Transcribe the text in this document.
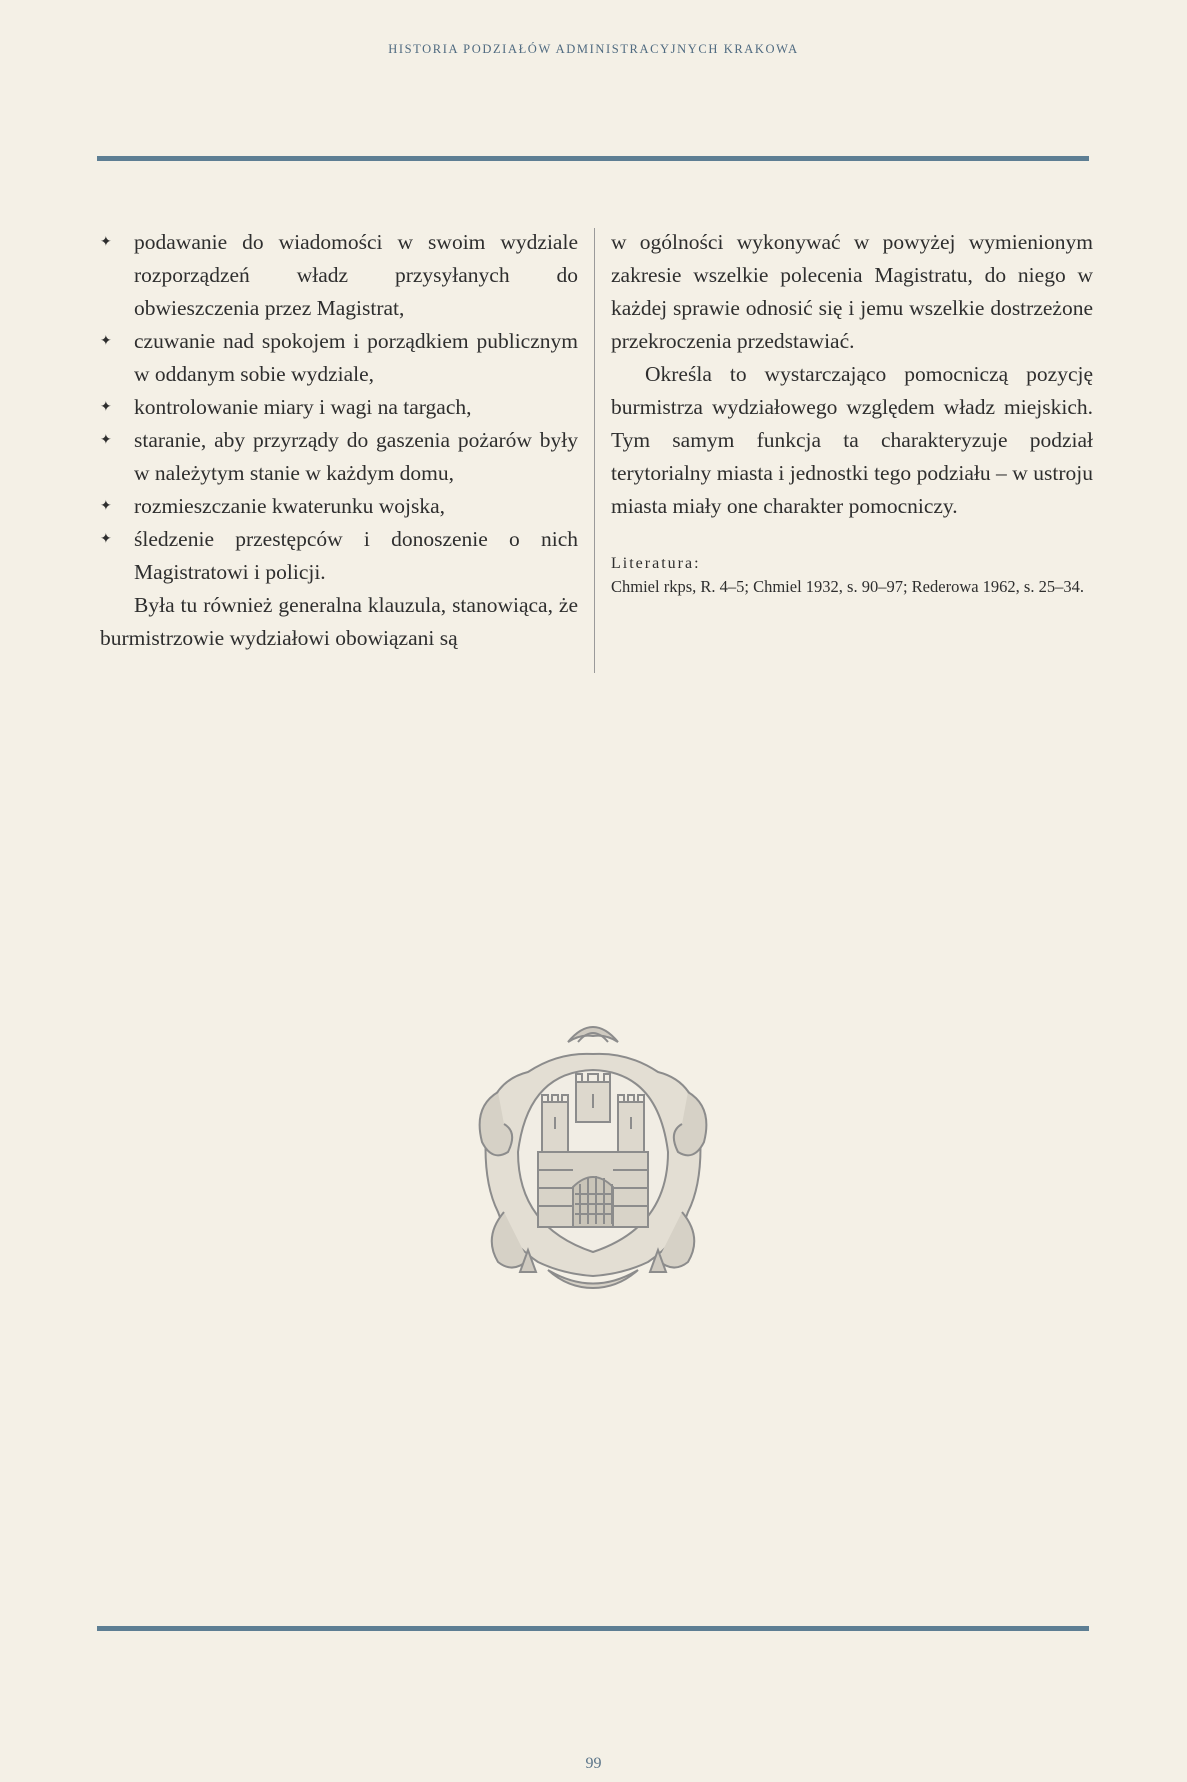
HISTORIA PODZIAŁÓW ADMINISTRACYJNYCH KRAKOWA
✦ podawanie do wiadomości w swoim wydziale rozporządzeń władz przysyłanych do obwieszczenia przez Magistrat,
✦ czuwanie nad spokojem i porządkiem publicznym w oddanym sobie wydziale,
✦ kontrolowanie miary i wagi na targach,
✦ staranie, aby przyrządy do gaszenia pożarów były w należytym stanie w każdym domu,
✦ rozmieszczanie kwaterunku wojska,
✦ śledzenie przestępców i donoszenie o nich Magistratowi i policji.

Była tu również generalna klauzula, stanowiąca, że burmistrzowie wydziałowi obowiązani są

w ogólności wykonywać w powyżej wymienionym zakresie wszelkie polecenia Magistratu, do niego w każdej sprawie odnosić się i jemu wszelkie dostrzeżone przekroczenia przedstawiać.

Określa to wystarczająco pomocniczą pozycję burmistrza wydziałowego względem władz miejskich. Tym samym funkcja ta charakteryzuje podział terytorialny miasta i jednostki tego podziału – w ustroju miasta miały one charakter pomocniczy.

Literatura:
Chmiel rkps, R. 4–5; Chmiel 1932, s. 90–97; Rederowa 1962, s. 25–34.
99
